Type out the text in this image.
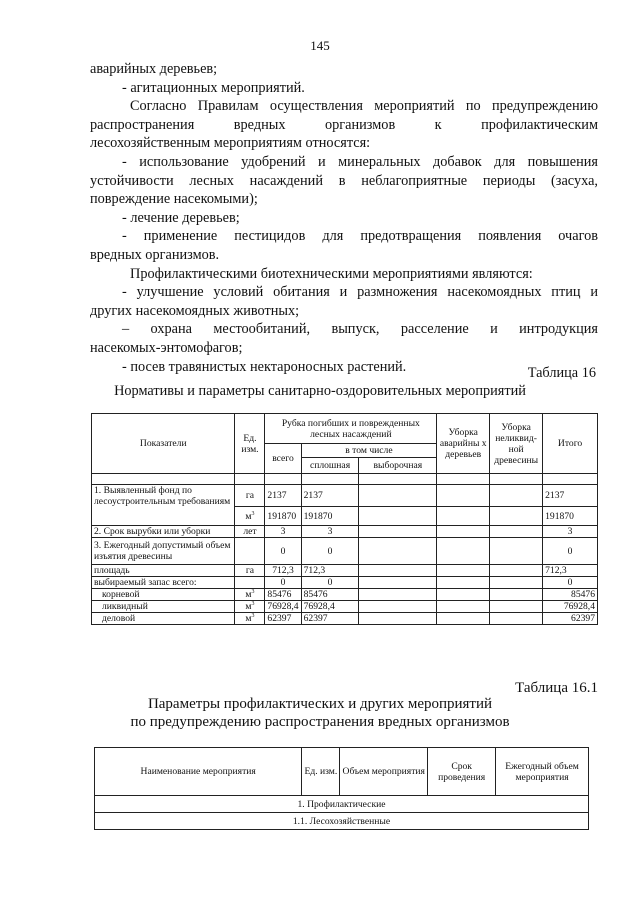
145

аварийных деревьев;

- агитационных мероприятий.

Согласно Правилам осуществления мероприятий по предупреждению

распространения вредных организмов к профилактическим

лесохозяйственным мероприятиям относятся:

- использование удобрений и минеральных добавок для повышения

устойчивости лесных насаждений в неблагоприятные периоды (засуха,

повреждение насекомыми);

- лечение деревьев;

- применение пестицидов для предотвращения появления очагов

вредных организмов.

Профилактическими биотехническими мероприятиями являются:

- улучшение условий обитания и размножения насекомоядных птиц и

других насекомоядных животных;

– охрана местообитаний, выпуск, расселение и интродукция

насекомых-энтомофагов;

- посев травянистых нектароносных растений.	Таблица 16
Нормативы и параметры санитарно-оздоровительных мероприятий
Показатели	Ед. изм.	Рубка погибших и поврежденных лесных насаждений			Уборка аварийны х деревьев	Уборка неликвид-ной древесины	Итого
		всего	в том числе				
			сплошная	выборочная			

1. Выявленный фонд по лесоустроительным требованиям	га	2137	2137				2137
	$м^3$	191870	191870				191870
2. Срок вырубки или уборки	лет	3	3				3
3. Ежегодный допустимый объем изъятия древесины		0	0				0
площадь	га	712,3	712,3				712,3
выбираемый запас всего:		0	0				0
корневой	$м^3$	85476	85476				85476
ликвидный	$м^3$	76928,4	76928,4				76928,4
деловой	$м^3$	62397	62397				62397
Таблица 16.1
Параметры профилактических и других мероприятий
по предупреждению распространения вредных организмов
Наименование мероприятия	Ед. изм.	Объем мероприятия	Срок проведения	Ежегодный объем мероприятия
1. Профилактические
1.1. Лесохозяйственные
